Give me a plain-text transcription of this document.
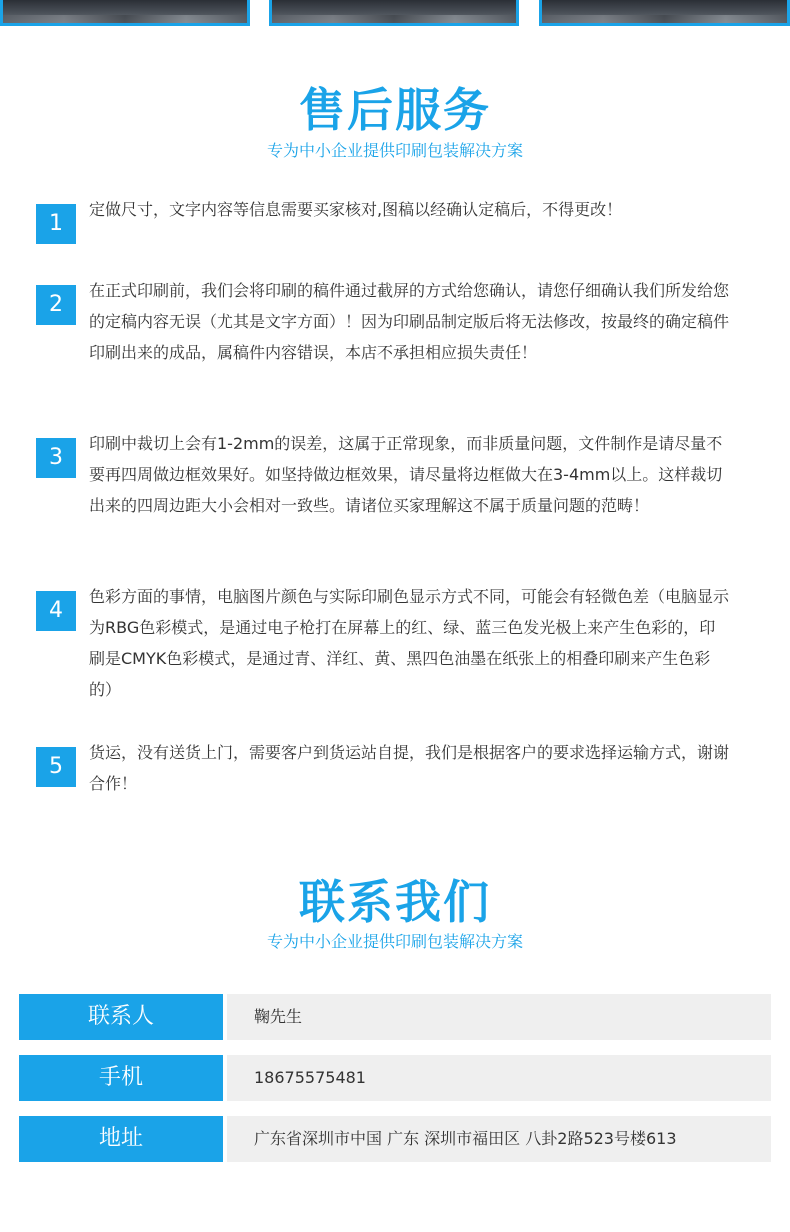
售后服务

专为中小企业提供印刷包装解决方案

1

定做尺寸，文字内容等信息需要买家核对,图稿以经确认定稿后，不得更改！

2

在正式印刷前，我们会将印刷的稿件通过截屏的方式给您确认，请您仔细确认我们所发给您的定稿内容无误（尤其是文字方面）！因为印刷品制定版后将无法修改，按最终的确定稿件印刷出来的成品，属稿件内容错误，本店不承担相应损失责任！

3

印刷中裁切上会有1-2mm的误差，这属于正常现象，而非质量问题，文件制作是请尽量不要再四周做边框效果好。如坚持做边框效果，请尽量将边框做大在3-4mm以上。这样裁切出来的四周边距大小会相对一致些。请诸位买家理解这不属于质量问题的范畴！

4

色彩方面的事情，电脑图片颜色与实际印刷色显示方式不同，可能会有轻微色差（电脑显示为RBG色彩模式，是通过电子枪打在屏幕上的红、绿、蓝三色发光极上来产生色彩的，印刷是CMYK色彩模式，是通过青、洋红、黄、黑四色油墨在纸张上的相叠印刷来产生色彩的）

5

货运，没有送货上门，需要客户到货运站自提，我们是根据客户的要求选择运输方式，谢谢合作！

联系我们

专为中小企业提供印刷包装解决方案

联系人	鞠先生
手机	18675575481
地址	广东省深圳市中国 广东 深圳市福田区 八卦2路523号楼613
